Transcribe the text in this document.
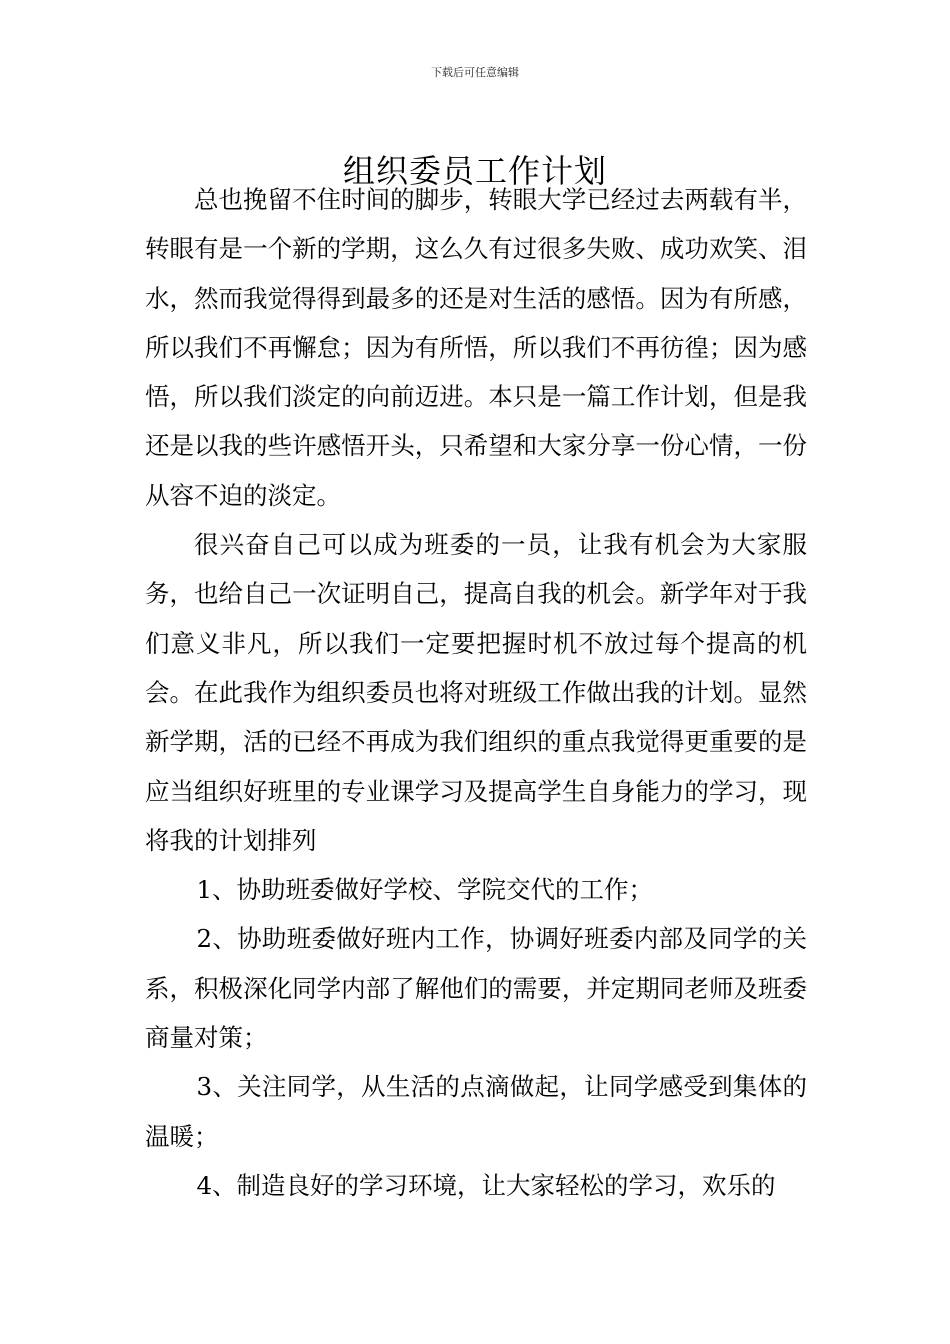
下载后可任意编辑
组织委员工作计划

总也挽留不住时间的脚步，转眼大学已经过去两载有半，转眼有是一个新的学期，这么久有过很多失败、成功欢笑、泪水，然而我觉得得到最多的还是对生活的感悟。因为有所感，所以我们不再懈怠；因为有所悟，所以我们不再彷徨；因为感悟，所以我们淡定的向前迈进。本只是一篇工作计划，但是我还是以我的些许感悟开头，只希望和大家分享一份心情，一份从容不迫的淡定。

很兴奋自己可以成为班委的一员，让我有机会为大家服务，也给自己一次证明自己，提高自我的机会。新学年对于我们意义非凡，所以我们一定要把握时机不放过每个提高的机会。在此我作为组织委员也将对班级工作做出我的计划。显然新学期，活的已经不再成为我们组织的重点我觉得更重要的是应当组织好班里的专业课学习及提高学生自身能力的学习，现将我的计划排列

1、协助班委做好学校、学院交代的工作；

2、协助班委做好班内工作，协调好班委内部及同学的关系，积极深化同学内部了解他们的需要，并定期同老师及班委商量对策；

3、关注同学，从生活的点滴做起，让同学感受到集体的温暖；

4、制造良好的学习环境，让大家轻松的学习，欢乐的
